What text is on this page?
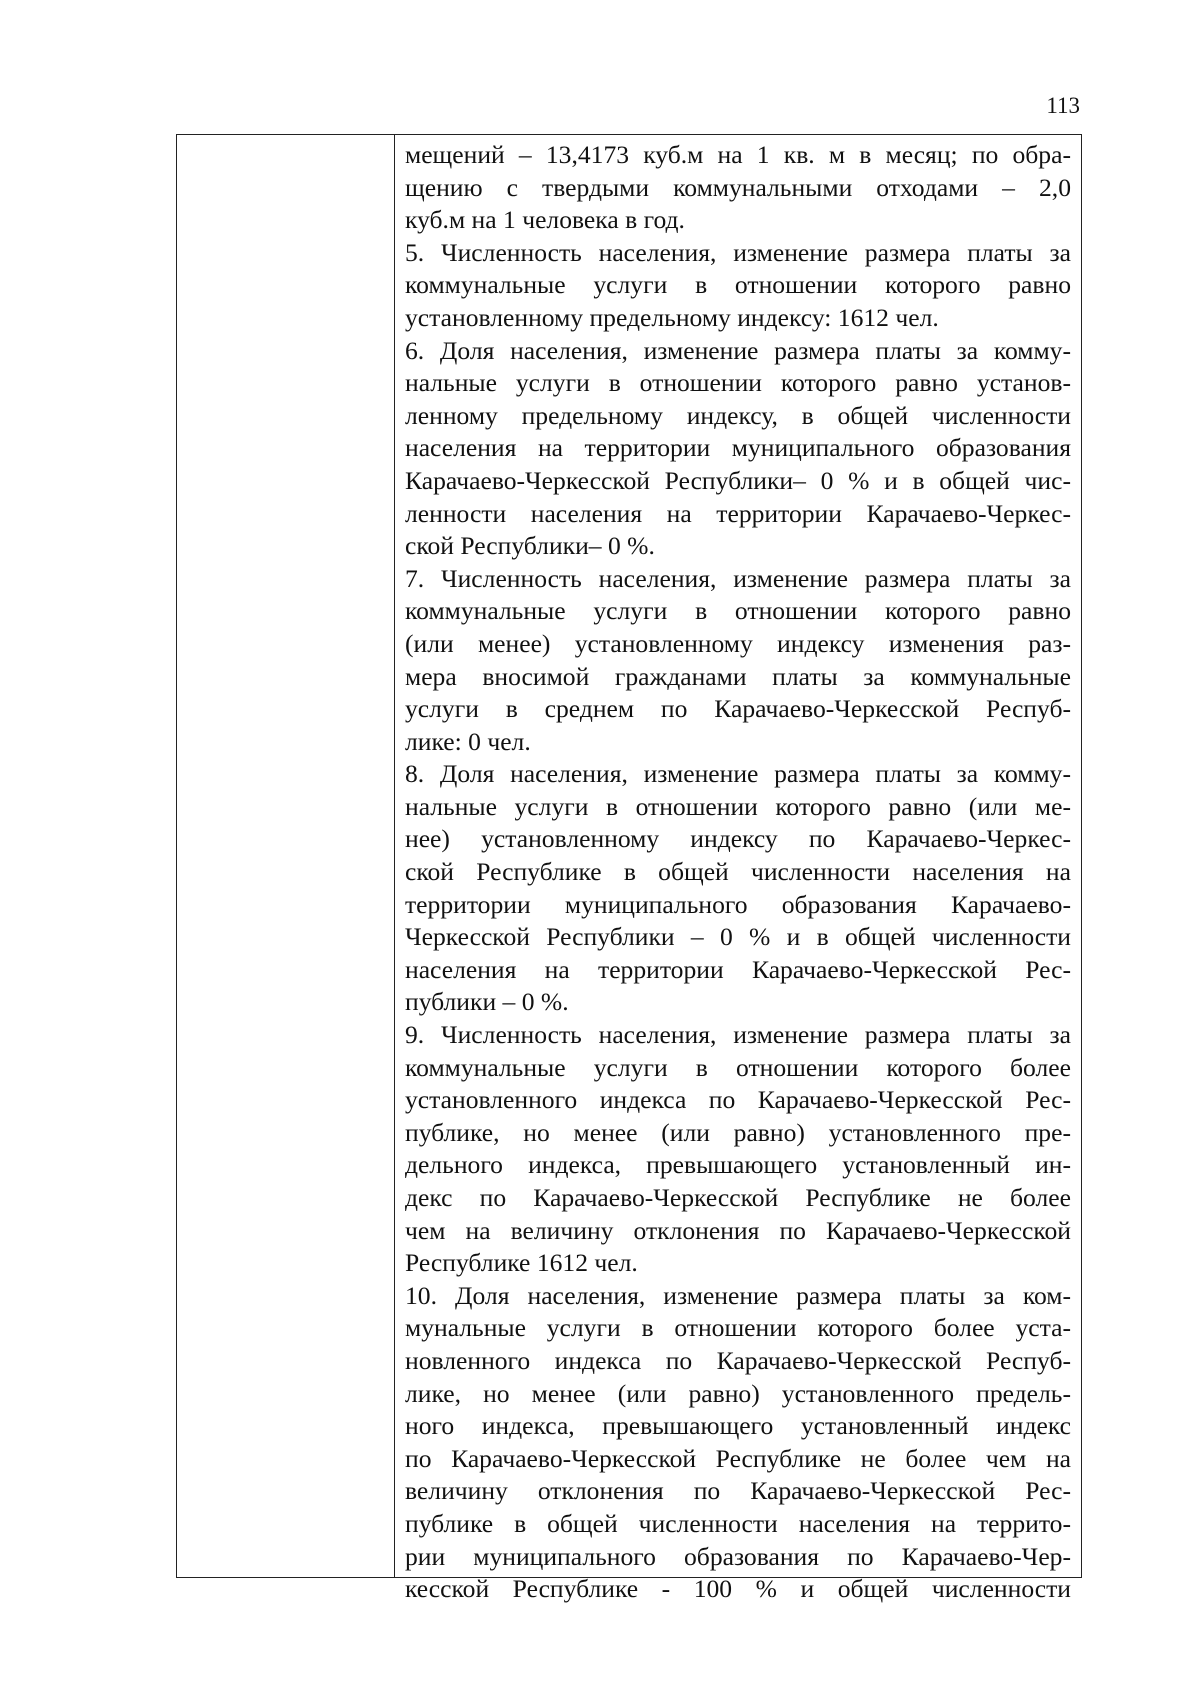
113
мещений – 13,4173 куб.м на 1 кв. м в месяц; по обра-
щению с твердыми коммунальными отходами – 2,0
куб.м на 1 человека в год.
5. Численность населения, изменение размера платы за
коммунальные услуги в отношении которого равно
установленному предельному индексу: 1612 чел.
6. Доля населения, изменение размера платы за комму-
нальные услуги в отношении которого равно установ-
ленному предельному индексу, в общей численности
населения на территории муниципального образования
Карачаево-Черкесской Республики– 0 % и в общей чис-
ленности населения на территории Карачаево-Черкес-
ской Республики– 0 %.
7. Численность населения, изменение размера платы за
коммунальные услуги в отношении которого равно
(или менее) установленному индексу изменения раз-
мера вносимой гражданами платы за коммунальные
услуги в среднем по Карачаево-Черкесской Респуб-
лике: 0 чел.
8. Доля населения, изменение размера платы за комму-
нальные услуги в отношении которого равно (или ме-
нее) установленному индексу по Карачаево-Черкес-
ской Республике в общей численности населения на
территории муниципального образования Карачаево-
Черкесской Республики – 0 % и в общей численности
населения на территории Карачаево-Черкесской Рес-
публики – 0 %.
9. Численность населения, изменение размера платы за
коммунальные услуги в отношении которого более
установленного индекса по Карачаево-Черкесской Рес-
публике, но менее (или равно) установленного пре-
дельного индекса, превышающего установленный ин-
декс по Карачаево-Черкесской Республике не более
чем на величину отклонения по Карачаево-Черкесской
Республике 1612 чел.
10. Доля населения, изменение размера платы за ком-
мунальные услуги в отношении которого более уста-
новленного индекса по Карачаево-Черкесской Респуб-
лике, но менее (или равно) установленного предель-
ного индекса, превышающего установленный индекс
по Карачаево-Черкесской Республике не более чем на
величину отклонения по Карачаево-Черкесской Рес-
публике в общей численности населения на террито-
рии муниципального образования по Карачаево-Чер-
кесской Республике - 100 % и общей численности
